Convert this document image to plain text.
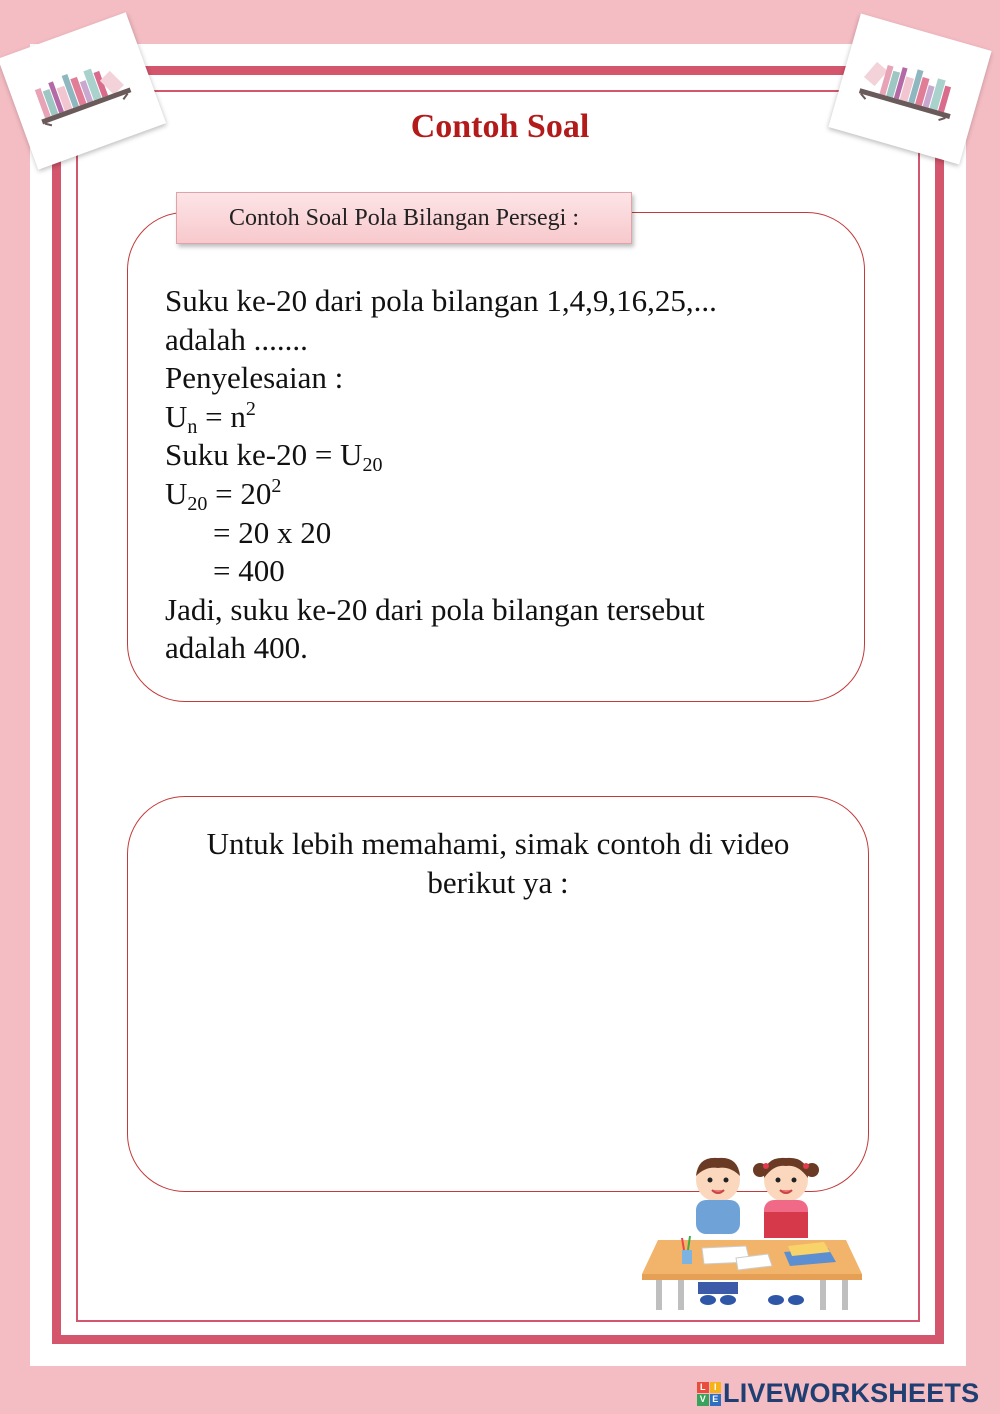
Contoh Soal
Contoh Soal Pola Bilangan Persegi :
Suku ke-20 dari pola bilangan 1,4,9,16,25,...
adalah .......
Penyelesaian :
$U_n = n^2$
Suku $ke-20 = U_{20}$
$U_{20} = 20^2$
= 20 x 20
= 400
Jadi, suku ke-20 dari pola bilangan tersebut
adalah 400.
Untuk lebih memahami, simak contoh di video
berikut ya :
L I
V E LIVEWORKSHEETS
